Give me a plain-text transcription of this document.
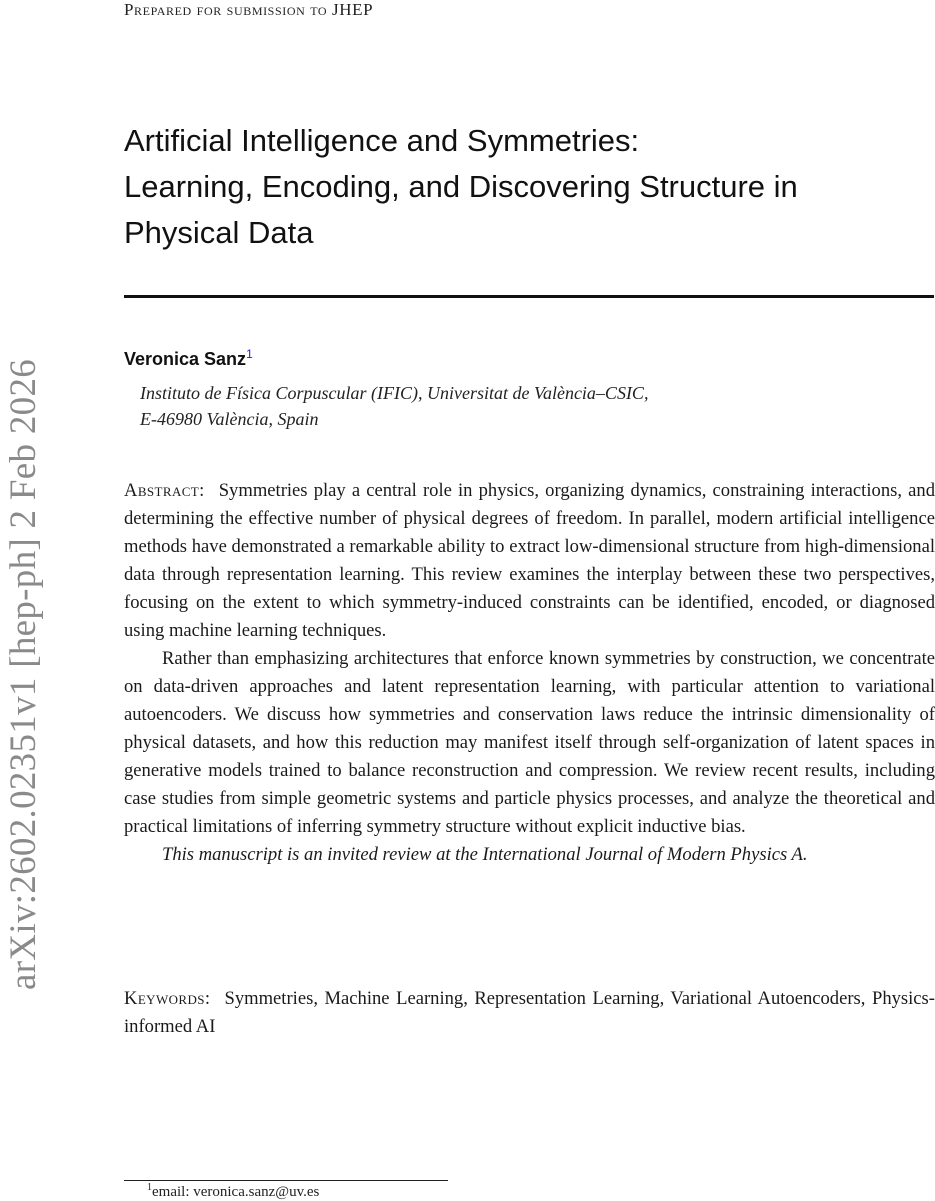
Prepared for submission to JHEP
arXiv:2602.02351v1 [hep-ph] 2 Feb 2026
Artificial Intelligence and Symmetries:
Learning, Encoding, and Discovering Structure in
Physical Data
Veronica Sanz$^1$
Instituto de Física Corpuscular (IFIC), Universitat de València–CSIC,
E-46980 València, Spain

Abstract: Symmetries play a central role in physics, organizing dynamics, constraining interactions, and determining the effective number of physical degrees of freedom. In parallel, modern artificial intelligence methods have demonstrated a remarkable ability to extract low-dimensional structure from high-dimensional data through representation learning. This review examines the interplay between these two perspectives, focusing on the extent to which symmetry-induced constraints can be identified, encoded, or diagnosed using machine learning techniques.

Rather than emphasizing architectures that enforce known symmetries by construction, we concentrate on data-driven approaches and latent representation learning, with particular attention to variational autoencoders. We discuss how symmetries and conservation laws reduce the intrinsic dimensionality of physical datasets, and how this reduction may manifest itself through self-organization of latent spaces in generative models trained to balance reconstruction and compression. We review recent results, including case studies from simple geometric systems and particle physics processes, and analyze the theoretical and practical limitations of inferring symmetry structure without explicit inductive bias.

This manuscript is an invited review at the International Journal of Modern Physics A.

Keywords: Symmetries, Machine Learning, Representation Learning, Variational Autoencoders, Physics-informed AI
$^1$email: veronica.sanz@uv.es
